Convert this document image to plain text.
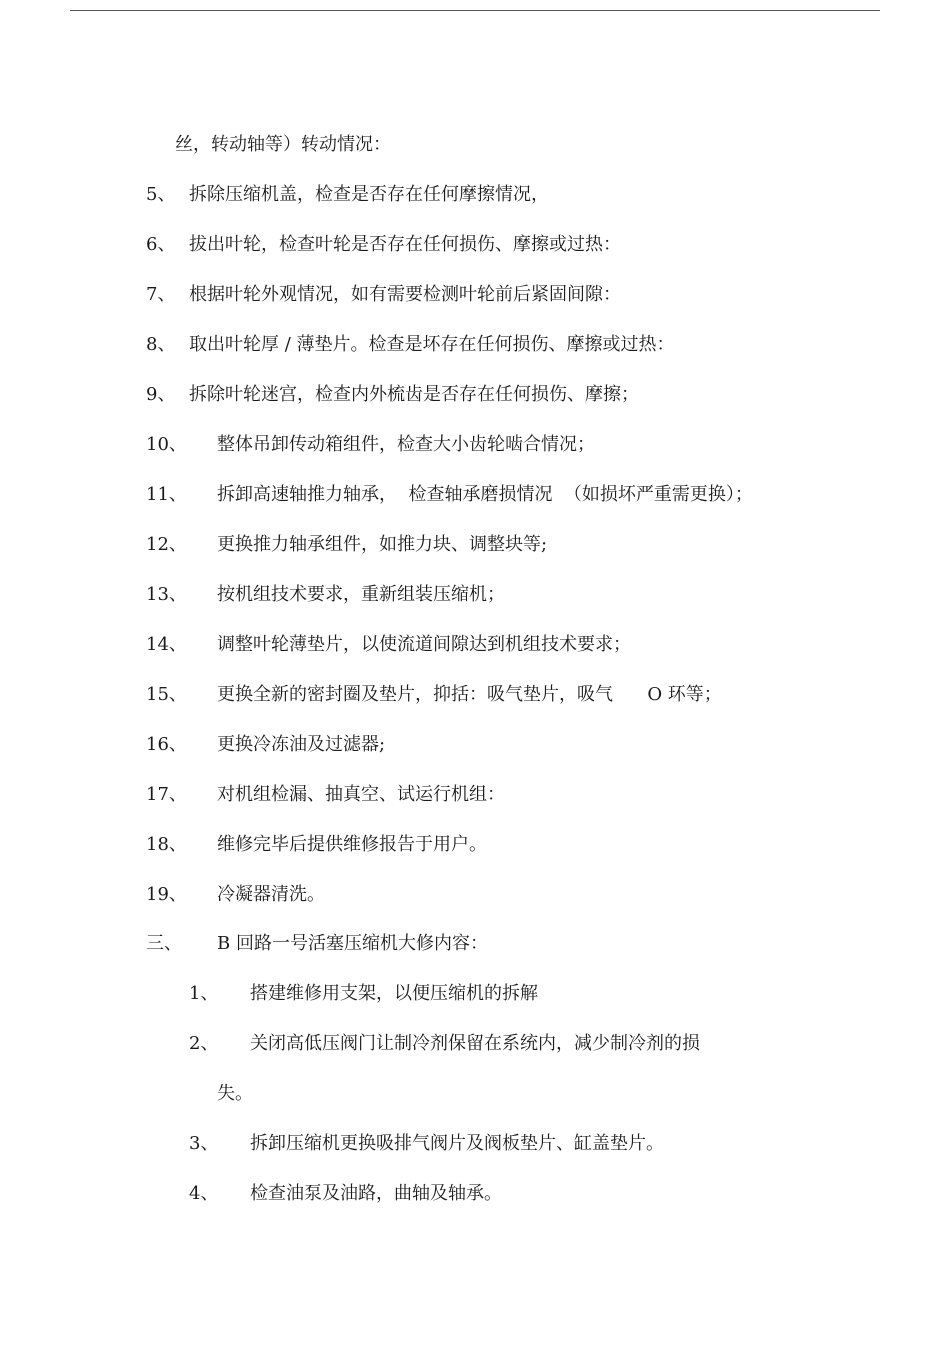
丝，转动轴等）转动情况：
5、 拆除压缩机盖，检查是否存在任何摩擦情况，
6、 拔出叶轮，检查叶轮是否存在任何损伤、摩擦或过热：
7、 根据叶轮外观情况，如有需要检测叶轮前后紧固间隙：
8、 取出叶轮厚 / 薄垫片。检查是坏存在任何损伤、摩擦或过热：
9、 拆除叶轮迷宫，检查内外梳齿是否存在任何损伤、摩擦；
10、 整体吊卸传动箱组件，检查大小齿轮啮合情况；
11、 拆卸高速轴推力轴承，  检查轴承磨损情况  （如损坏严重需更换）；
12、 更换推力轴承组件，如推力块、调整块等;
13、 按机组技术要求，重新组装压缩机；
14、 调整叶轮薄垫片，以使流道间隙达到机组技术要求；
15、 更换全新的密封圈及垫片，抑括：吸气垫片，吸气      O 环等；
16、 更换冷冻油及过滤器;
17、 对机组检漏、抽真空、试运行机组：
18、 维修完毕后提供维修报告于用户。
19、 冷凝器清洗。
三、 B 回路一号活塞压缩机大修内容：
1、 搭建维修用支架，以便压缩机的拆解
2、 关闭高低压阀门让制冷剂保留在系统内，减少制冷剂的损
失。
3、 拆卸压缩机更换吸排气阀片及阀板垫片、缸盖垫片。
4、 检查油泵及油路，曲轴及轴承。
